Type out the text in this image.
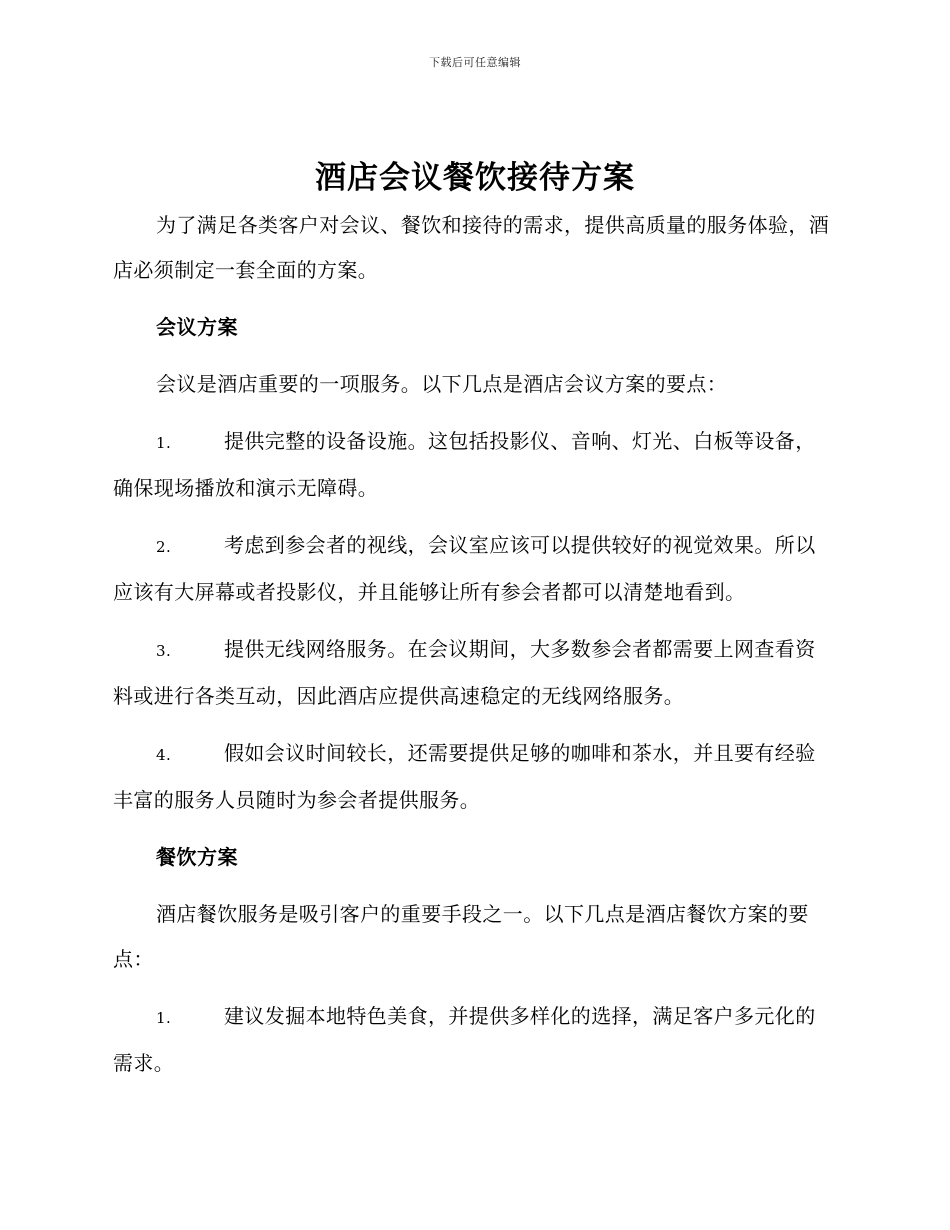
下载后可任意编辑
酒店会议餐饮接待方案

为了满足各类客户对会议、餐饮和接待的需求，提供高质量的服务体验，酒店必须制定一套全面的方案。

会议方案

会议是酒店重要的一项服务。以下几点是酒店会议方案的要点：

1.	提供完整的设备设施。这包括投影仪、音响、灯光、白板等设备，确保现场播放和演示无障碍。
2.	考虑到参会者的视线，会议室应该可以提供较好的视觉效果。所以应该有大屏幕或者投影仪，并且能够让所有参会者都可以清楚地看到。
3.	提供无线网络服务。在会议期间，大多数参会者都需要上网查看资料或进行各类互动，因此酒店应提供高速稳定的无线网络服务。
4.	假如会议时间较长，还需要提供足够的咖啡和茶水，并且要有经验丰富的服务人员随时为参会者提供服务。
餐饮方案

酒店餐饮服务是吸引客户的重要手段之一。以下几点是酒店餐饮方案的要点：

1.	建议发掘本地特色美食，并提供多样化的选择，满足客户多元化的需求。
